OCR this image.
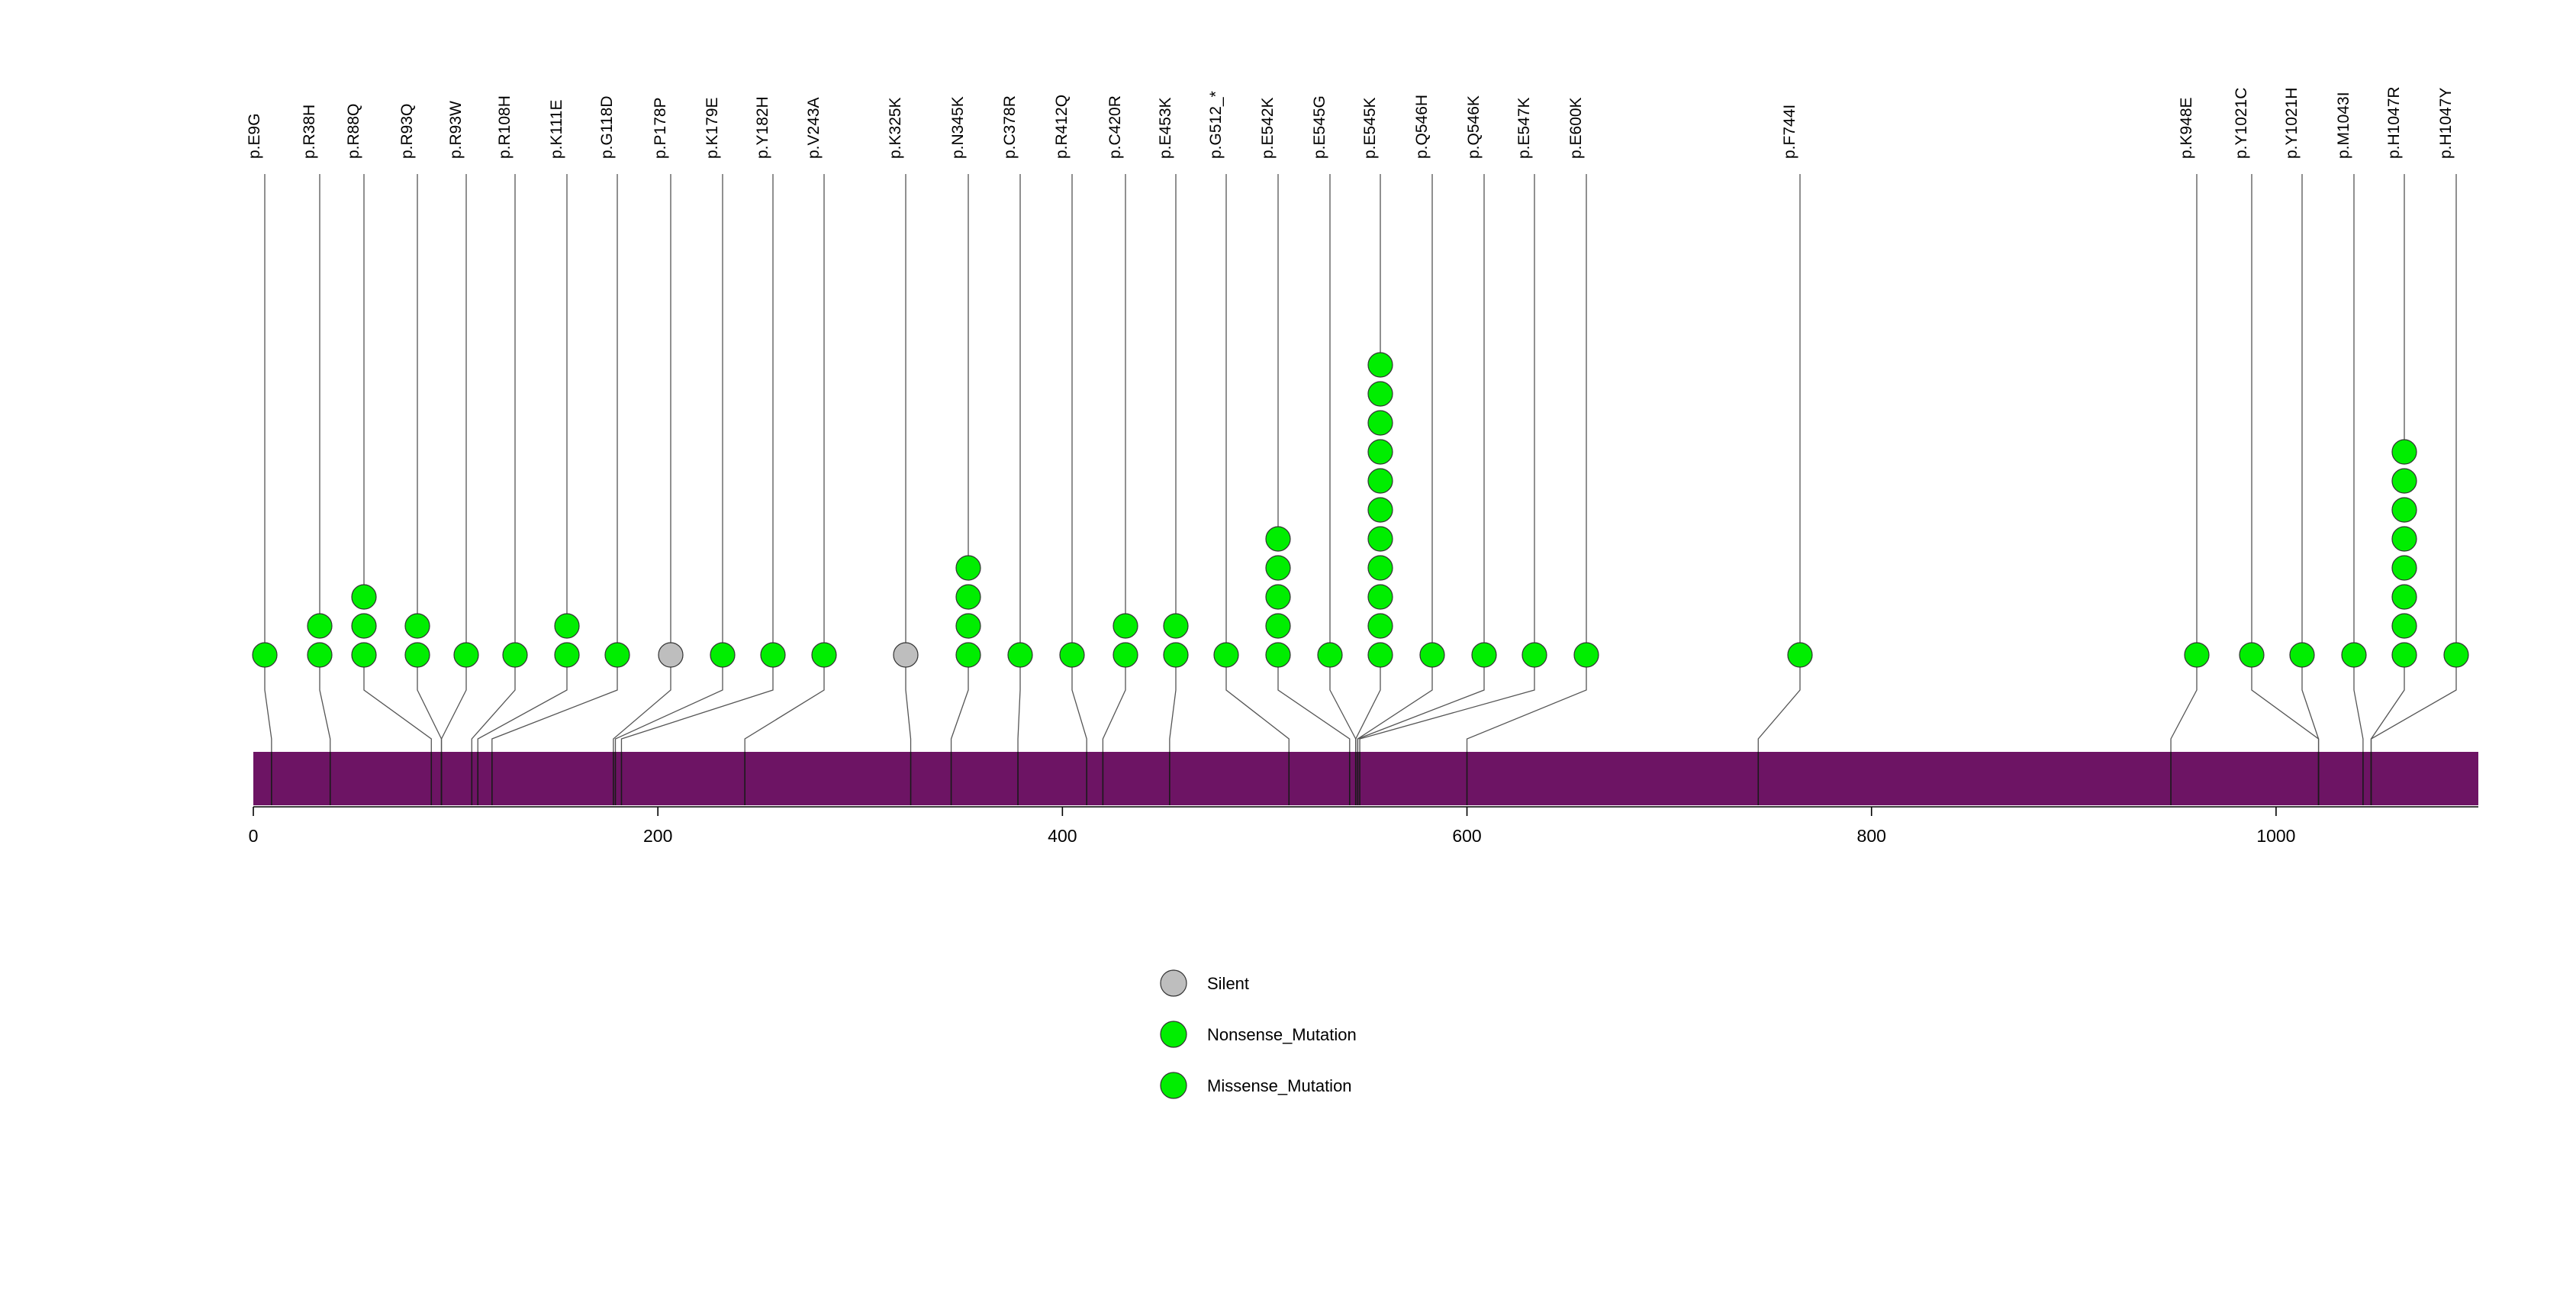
0	200	400	600	800	1000
p.E9G p.R38H p.R88Q p.R93Q p.R93W p.R108H p.K111E p.G118D p.P178P p.K179E p.Y182H p.V243A	p.K325K	p.N345K p.C378R p.R412Q p.C420R p.E453K p.G512_* p.E542K p.E545G p.E545K p.Q546H p.Q546K p.E547K p.E600K	p.F744I	p.K948E p.Y1021C p.Y1021H p.M1043I p.H1047R p.H1047Y
Silent
Nonsense_Mutation
Missense_Mutation
